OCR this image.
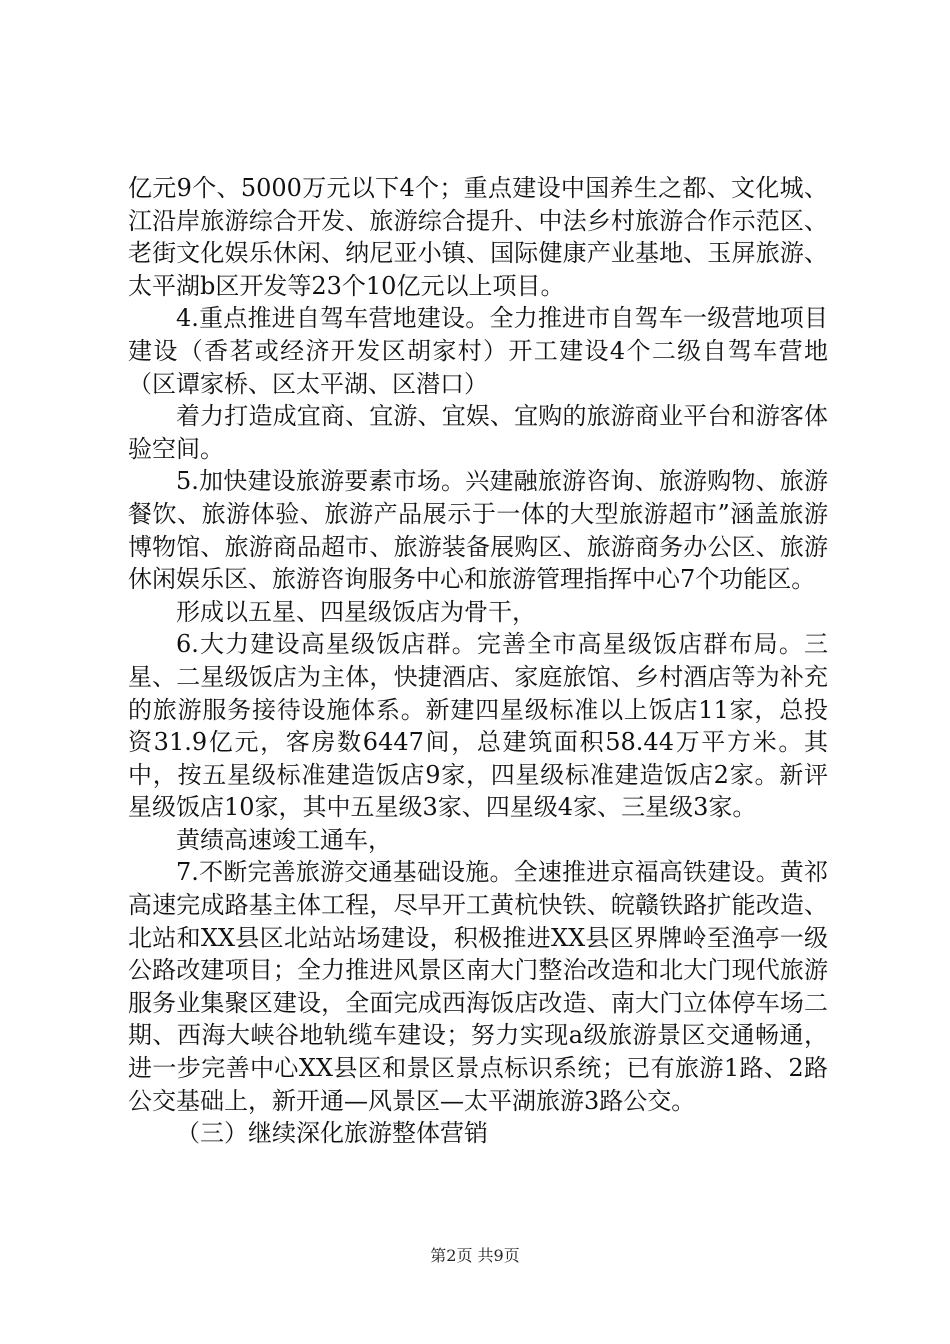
亿元9个、5000万元以下4个；重点建设中国养生之都、文化城、江沿岸旅游综合开发、旅游综合提升、中法乡村旅游合作示范区、老街文化娱乐休闲、纳尼亚小镇、国际健康产业基地、玉屏旅游、太平湖b区开发等23个10亿元以上项目。

4.重点推进自驾车营地建设。全力推进市自驾车一级营地项目建设（香茗或经济开发区胡家村）开工建设4个二级自驾车营地（区谭家桥、区太平湖、区潜口）

着力打造成宜商、宜游、宜娱、宜购的旅游商业平台和游客体验空间。

5.加快建设旅游要素市场。兴建融旅游咨询、旅游购物、旅游餐饮、旅游体验、旅游产品展示于一体的大型旅游超市”涵盖旅游博物馆、旅游商品超市、旅游装备展购区、旅游商务办公区、旅游休闲娱乐区、旅游咨询服务中心和旅游管理指挥中心7个功能区。

形成以五星、四星级饭店为骨干，

6.大力建设高星级饭店群。完善全市高星级饭店群布局。三星、二星级饭店为主体，快捷酒店、家庭旅馆、乡村酒店等为补充的旅游服务接待设施体系。新建四星级标准以上饭店11家，总投资31.9亿元，客房数6447间，总建筑面积58.44万平方米。其中，按五星级标准建造饭店9家，四星级标准建造饭店2家。新评星级饭店10家，其中五星级3家、四星级4家、三星级3家。

黄绩高速竣工通车，

7.不断完善旅游交通基础设施。全速推进京福高铁建设。黄祁高速完成路基主体工程，尽早开工黄杭快铁、皖赣铁路扩能改造、北站和XX县区北站站场建设，积极推进XX县区界牌岭至渔亭一级公路改建项目；全力推进风景区南大门整治改造和北大门现代旅游服务业集聚区建设，全面完成西海饭店改造、南大门立体停车场二期、西海大峡谷地轨缆车建设；努力实现a级旅游景区交通畅通，进一步完善中心XX县区和景区景点标识系统；已有旅游1路、2路公交基础上，新开通—风景区—太平湖旅游3路公交。

（三）继续深化旅游整体营销

第2页 共9页
